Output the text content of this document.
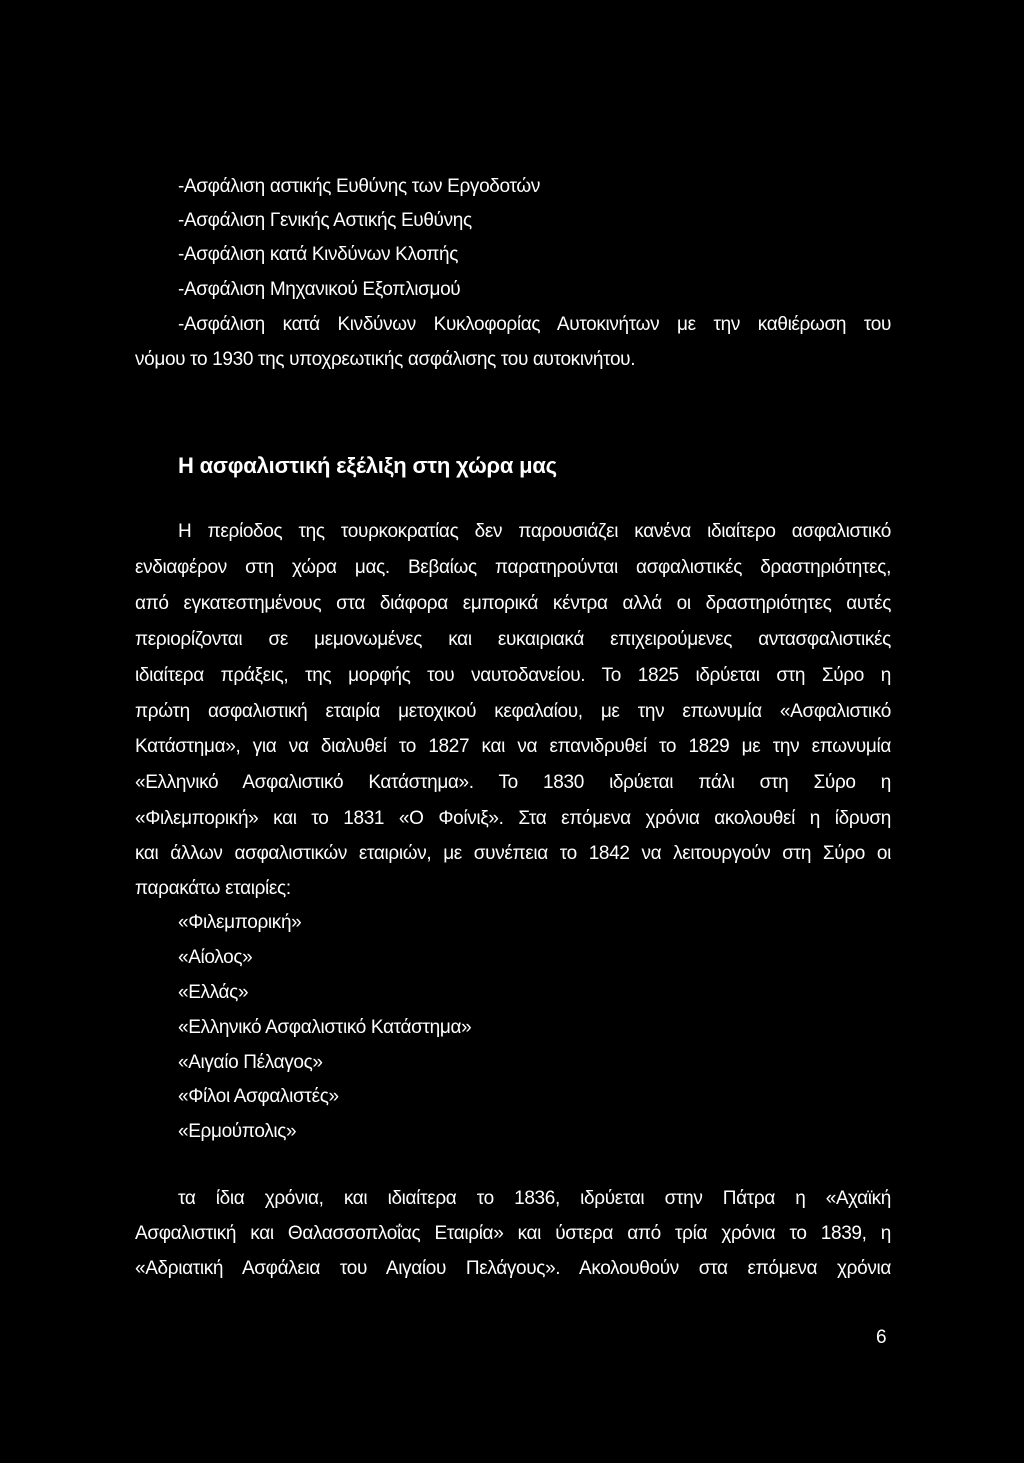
-Ασφάλιση αστικής Ευθύνης των Εργοδοτών
-Ασφάλιση Γενικής Αστικής Ευθύνης
-Ασφάλιση κατά Κινδύνων Κλοπής
-Ασφάλιση Μηχανικού Εξοπλισμού
-Ασφάλιση κατά Κινδύνων Κυκλοφορίας Αυτοκινήτων με την καθιέρωση του
νόμου το 1930 της υποχρεωτικής ασφάλισης του αυτοκινήτου.
Η ασφαλιστική εξέλιξη στη χώρα μας
Η περίοδος της τουρκοκρατίας δεν παρουσιάζει κανένα ιδιαίτερο ασφαλιστικό
ενδιαφέρον στη χώρα μας. Βεβαίως παρατηρούνται ασφαλιστικές δραστηριότητες,
από εγκατεστημένους στα διάφορα εμπορικά κέντρα αλλά οι δραστηριότητες αυτές
περιορίζονται σε μεμονωμένες και ευκαιριακά επιχειρούμενες αντασφαλιστικές
ιδιαίτερα πράξεις, της μορφής του ναυτοδανείου. Το 1825 ιδρύεται στη Σύρο η
πρώτη ασφαλιστική εταιρία μετοχικού κεφαλαίου, με την επωνυμία «Ασφαλιστικό
Κατάστημα», για να διαλυθεί το 1827 και να επανιδρυθεί το 1829 με την επωνυμία
«Ελληνικό Ασφαλιστικό Κατάστημα». Το 1830 ιδρύεται πάλι στη Σύρο η
«Φιλεμπορική» και το 1831 «Ο Φοίνιξ». Στα επόμενα χρόνια ακολουθεί η ίδρυση
και άλλων ασφαλιστικών εταιριών, με συνέπεια το 1842 να λειτουργούν στη Σύρο οι
παρακάτω εταιρίες:
«Φιλεμπορική»
«Αίολος»
«Ελλάς»
«Ελληνικό Ασφαλιστικό Κατάστημα»
«Αιγαίο Πέλαγος»
«Φίλοι Ασφαλιστές»
«Ερμούπολις»
τα ίδια χρόνια, και ιδιαίτερα το 1836, ιδρύεται στην Πάτρα η «Αχαϊκή
Ασφαλιστική και Θαλασσοπλοΐας Εταιρία» και ύστερα από τρία χρόνια το 1839, η
«Αδριατική Ασφάλεια του Αιγαίου Πελάγους». Ακολουθούν στα επόμενα χρόνια
6
